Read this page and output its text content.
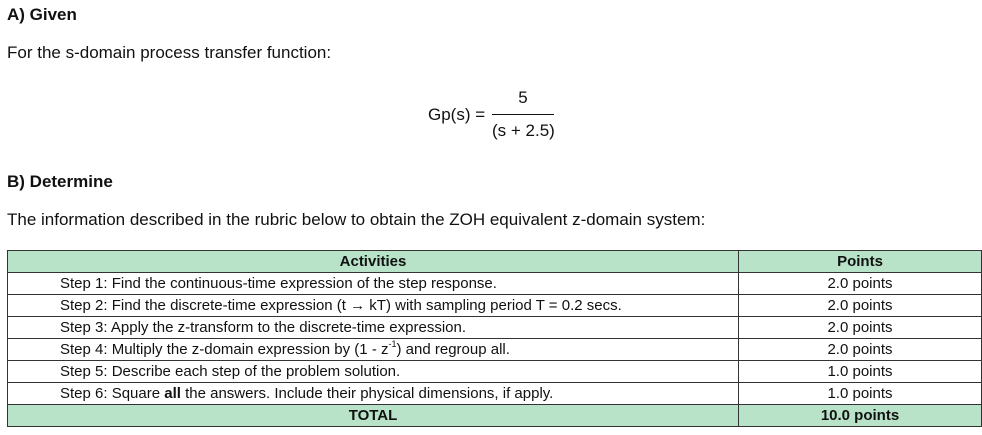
A) Given
For the s-domain process transfer function:
Gp(s) =
5
(s + 2.5)
B) Determine
The information described in the rubric below to obtain the ZOH equivalent z-domain system:
Activities	Points
Step 1: Find the continuous-time expression of the step response.	2.0 points
Step 2: Find the discrete-time expression (t → kT) with sampling period T = 0.2 secs.	2.0 points
Step 3: Apply the z-transform to the discrete-time expression.	2.0 points
Step 4: Multiply the z-domain expression by $(1 - z^{-1})$ and regroup all.	2.0 points
Step 5: Describe each step of the problem solution.	1.0 points
Step 6: Square all the answers. Include their physical dimensions, if apply.	1.0 points
TOTAL	10.0 points
